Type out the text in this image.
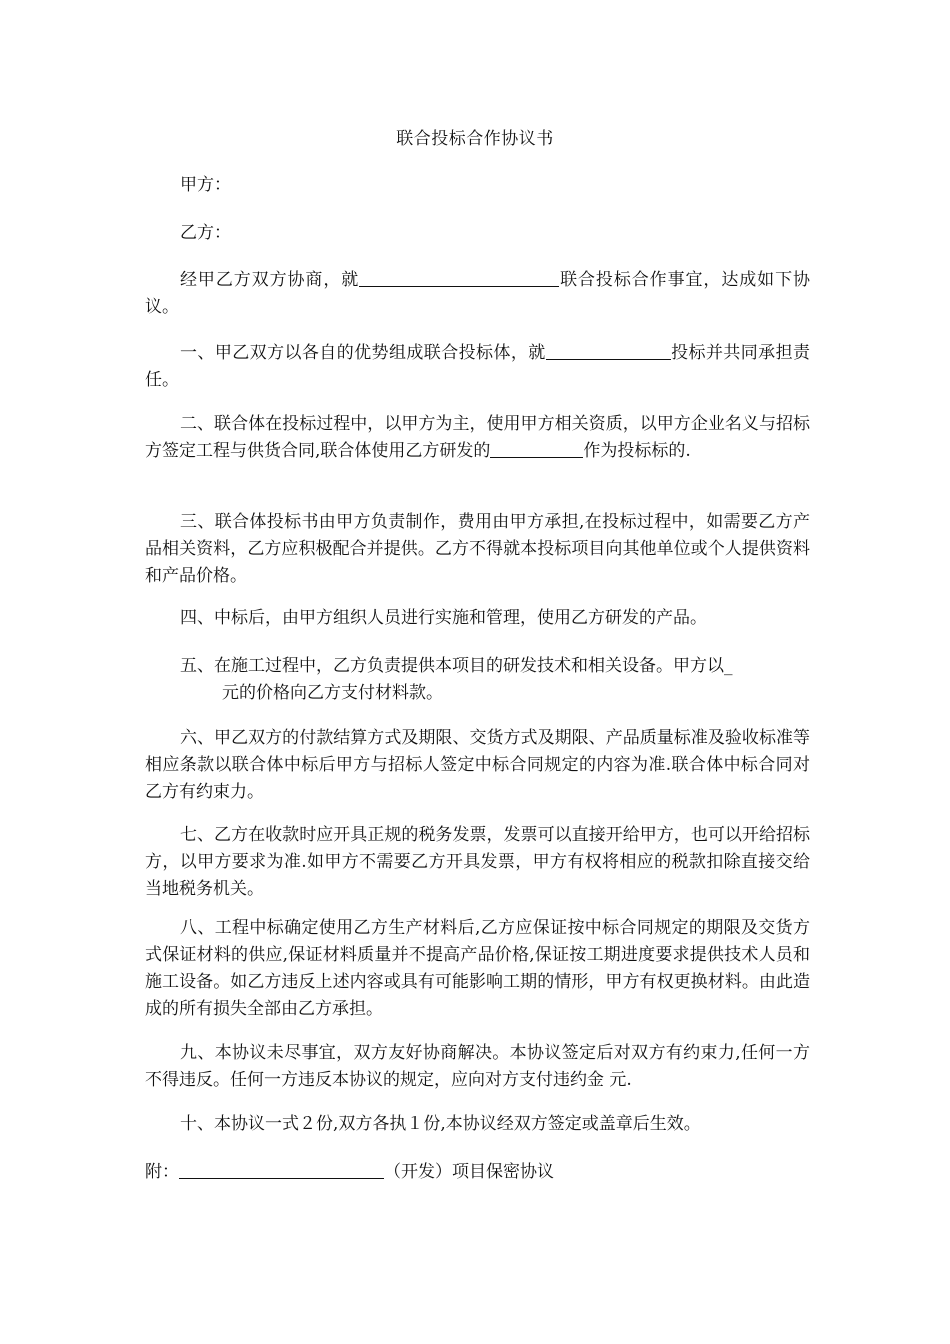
联合投标合作协议书
甲方：
乙方：

经甲乙方双方协商，就	联合投标合作事宜，达成如下协议。

一、甲乙双方以各自的优势组成联合投标体，就	投标并共同承担责任。

二、联合体在投标过程中，以甲方为主，使用甲方相关资质，以甲方企业名义与招标方签定工程与供货合同,联合体使用乙方研发的	作为投标标的.

三、联合体投标书由甲方负责制作，费用由甲方承担,在投标过程中，如需要乙方产品相关资料，乙方应积极配合并提供。乙方不得就本投标项目向其他单位或个人提供资料和产品价格。

四、中标后，由甲方组织人员进行实施和管理，使用乙方研发的产品。

五、在施工过程中，乙方负责提供本项目的研发技术和相关设备。甲方以_
元的价格向乙方支付材料款。

六、甲乙双方的付款结算方式及期限、交货方式及期限、产品质量标准及验收标准等相应条款以联合体中标后甲方与招标人签定中标合同规定的内容为准.联合体中标合同对乙方有约束力。

七、乙方在收款时应开具正规的税务发票，发票可以直接开给甲方，也可以开给招标方，以甲方要求为准.如甲方不需要乙方开具发票，甲方有权将相应的税款扣除直接交给当地税务机关。

八、工程中标确定使用乙方生产材料后,乙方应保证按中标合同规定的期限及交货方式保证材料的供应,保证材料质量并不提高产品价格,保证按工期进度要求提供技术人员和施工设备。如乙方违反上述内容或具有可能影响工期的情形，甲方有权更换材料。由此造成的所有损失全部由乙方承担。

九、本协议未尽事宜，双方友好协商解决。本协议签定后对双方有约束力,任何一方不得违反。任何一方违反本协议的规定，应向对方支付违约金 元.

十、本协议一式２份,双方各执１份,本协议经双方签定或盖章后生效。

附：	（开发）项目保密协议
